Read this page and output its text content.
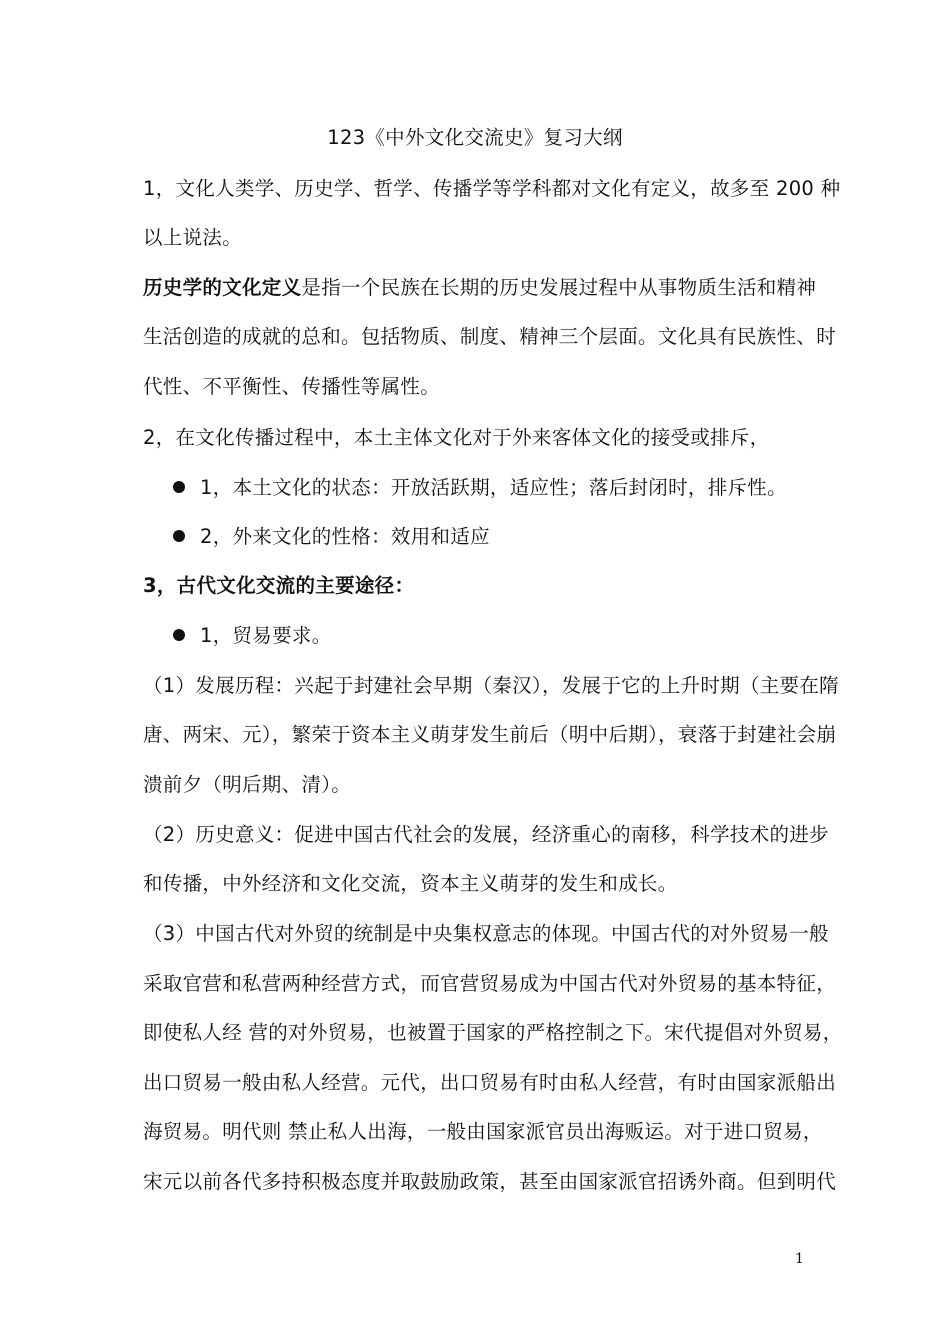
123《中外文化交流史》复习大纲
1，文化人类学、历史学、哲学、传播学等学科都对文化有定义，故多至 200 种
以上说法。
历史学的文化定义是指一个民族在长期的历史发展过程中从事物质生活和精神
生活创造的成就的总和。包括物质、制度、精神三个层面。文化具有民族性、时
代性、不平衡性、传播性等属性。
2，在文化传播过程中，本土主体文化对于外来客体文化的接受或排斥，
1，本土文化的状态：开放活跃期，适应性；落后封闭时，排斥性。
2，外来文化的性格：效用和适应
3，古代文化交流的主要途径：
1，贸易要求。
（1）发展历程：兴起于封建社会早期（秦汉），发展于它的上升时期（主要在隋
唐、两宋、元），繁荣于资本主义萌芽发生前后（明中后期），衰落于封建社会崩
溃前夕（明后期、清）。
（2）历史意义：促进中国古代社会的发展，经济重心的南移，科学技术的进步
和传播，中外经济和文化交流，资本主义萌芽的发生和成长。
（3）中国古代对外贸的统制是中央集权意志的体现。中国古代的对外贸易一般
采取官营和私营两种经营方式，而官营贸易成为中国古代对外贸易的基本特征，
即使私人经 营的对外贸易，也被置于国家的严格控制之下。宋代提倡对外贸易，
出口贸易一般由私人经营。元代，出口贸易有时由私人经营，有时由国家派船出
海贸易。明代则 禁止私人出海，一般由国家派官员出海贩运。对于进口贸易，
宋元以前各代多持积极态度并取鼓励政策，甚至由国家派官招诱外商。但到明代
1
